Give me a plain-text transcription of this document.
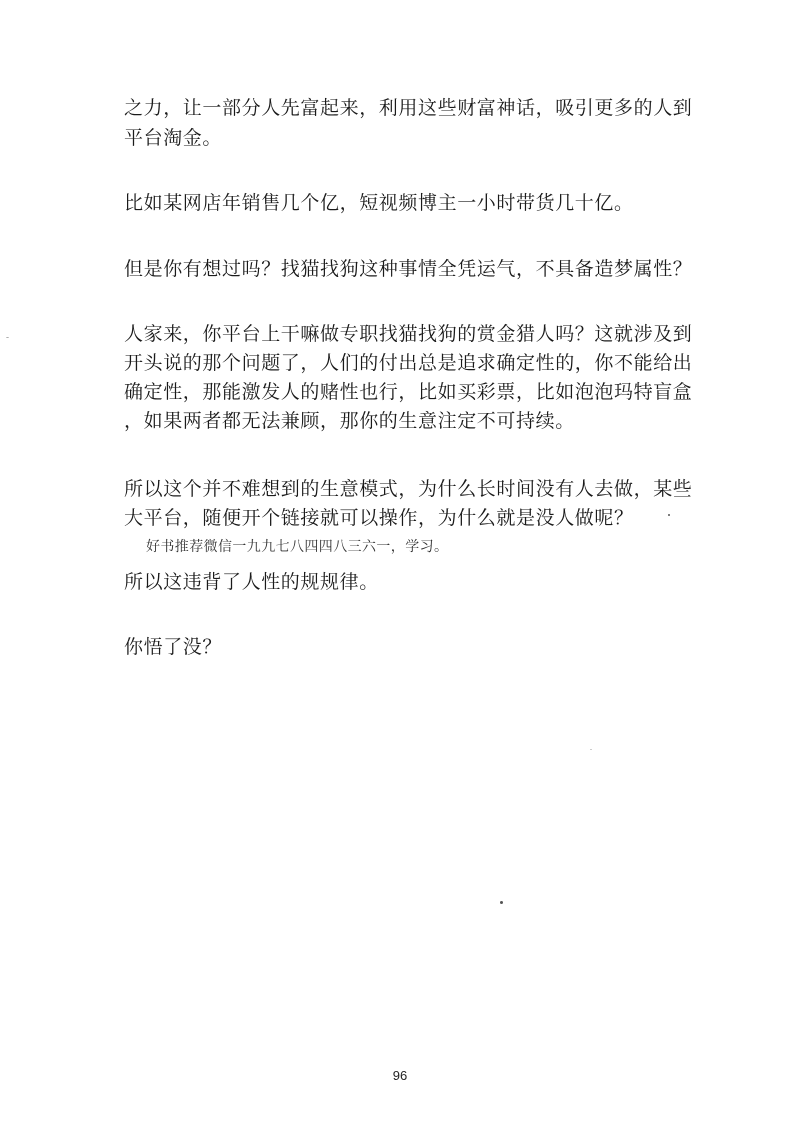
之力，让一部分人先富起来，利用这些财富神话，吸引更多的人到
平台淘金。
比如某网店年销售几个亿，短视频博主一小时带货几十亿。
但是你有想过吗？找猫找狗这种事情全凭运气，不具备造梦属性？
人家来，你平台上干嘛做专职找猫找狗的赏金猎人吗？这就涉及到
开头说的那个问题了，人们的付出总是追求确定性的，你不能给出
确定性，那能激发人的赌性也行，比如买彩票，比如泡泡玛特盲盒
，如果两者都无法兼顾，那你的生意注定不可持续。
所以这个并不难想到的生意模式，为什么长时间没有人去做，某些
大平台，随便开个链接就可以操作，为什么就是没人做呢？
好书推荐微信一九九七八四四八三六一，学习。
所以这违背了人性的规规律。
你悟了没？
96
